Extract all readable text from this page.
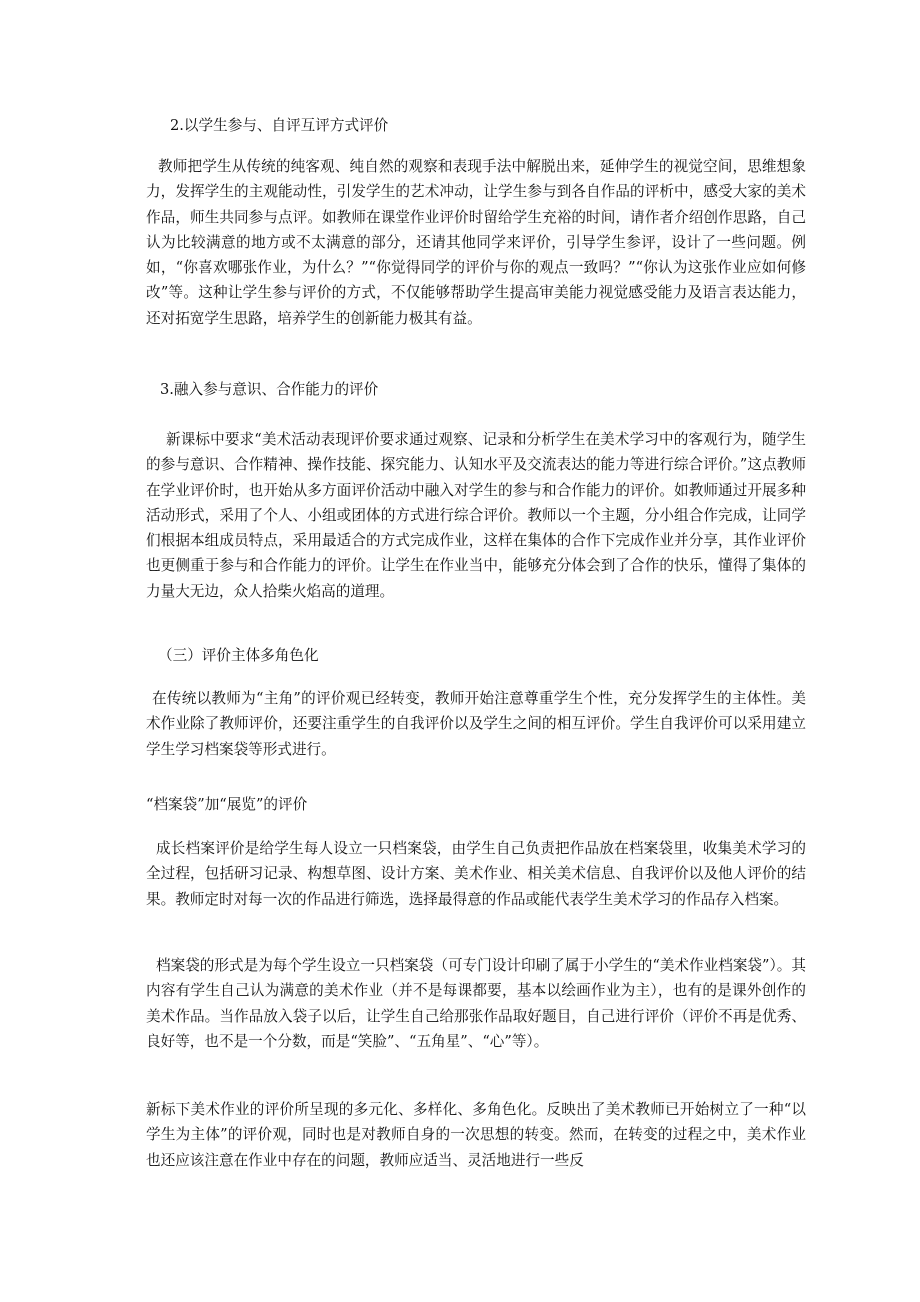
2.以学生参与、自评互评方式评价

教师把学生从传统的纯客观、纯自然的观察和表现手法中解脱出来，延伸学生的视觉空间，思维想象力，发挥学生的主观能动性，引发学生的艺术冲动，让学生参与到各自作品的评析中，感受大家的美术作品，师生共同参与点评。如教师在课堂作业评价时留给学生充裕的时间，请作者介绍创作思路，自己认为比较满意的地方或不太满意的部分，还请其他同学来评价，引导学生参评，设计了一些问题。例如，“你喜欢哪张作业，为什么？”“你觉得同学的评价与你的观点一致吗？”“你认为这张作业应如何修改”等。这种让学生参与评价的方式，不仅能够帮助学生提高审美能力视觉感受能力及语言表达能力，还对拓宽学生思路，培养学生的创新能力极其有益。

3.融入参与意识、合作能力的评价

新课标中要求“美术活动表现评价要求通过观察、记录和分析学生在美术学习中的客观行为，随学生的参与意识、合作精神、操作技能、探究能力、认知水平及交流表达的能力等进行综合评价。”这点教师在学业评价时，也开始从多方面评价活动中融入对学生的参与和合作能力的评价。如教师通过开展多种活动形式，采用了个人、小组或团体的方式进行综合评价。教师以一个主题，分小组合作完成，让同学们根据本组成员特点，采用最适合的方式完成作业，这样在集体的合作下完成作业并分享，其作业评价也更侧重于参与和合作能力的评价。让学生在作业当中，能够充分体会到了合作的快乐，懂得了集体的力量大无边，众人拾柴火焰高的道理。

（三）评价主体多角色化

在传统以教师为“主角”的评价观已经转变，教师开始注意尊重学生个性，充分发挥学生的主体性。美术作业除了教师评价，还要注重学生的自我评价以及学生之间的相互评价。学生自我评价可以采用建立学生学习档案袋等形式进行。

“档案袋”加“展览”的评价

成长档案评价是给学生每人设立一只档案袋，由学生自己负责把作品放在档案袋里，收集美术学习的全过程，包括研习记录、构想草图、设计方案、美术作业、相关美术信息、自我评价以及他人评价的结果。教师定时对每一次的作品进行筛选，选择最得意的作品或能代表学生美术学习的作品存入档案。

档案袋的形式是为每个学生设立一只档案袋（可专门设计印刷了属于小学生的“美术作业档案袋”）。其内容有学生自己认为满意的美术作业（并不是每课都要，基本以绘画作业为主），也有的是课外创作的美术作品。当作品放入袋子以后，让学生自己给那张作品取好题目，自己进行评价（评价不再是优秀、良好等，也不是一个分数，而是“笑脸”、“五角星”、“心”等）。

新标下美术作业的评价所呈现的多元化、多样化、多角色化。反映出了美术教师已开始树立了一种“以学生为主体”的评价观，同时也是对教师自身的一次思想的转变。然而，在转变的过程之中，美术作业也还应该注意在作业中存在的问题，教师应适当、灵活地进行一些反
